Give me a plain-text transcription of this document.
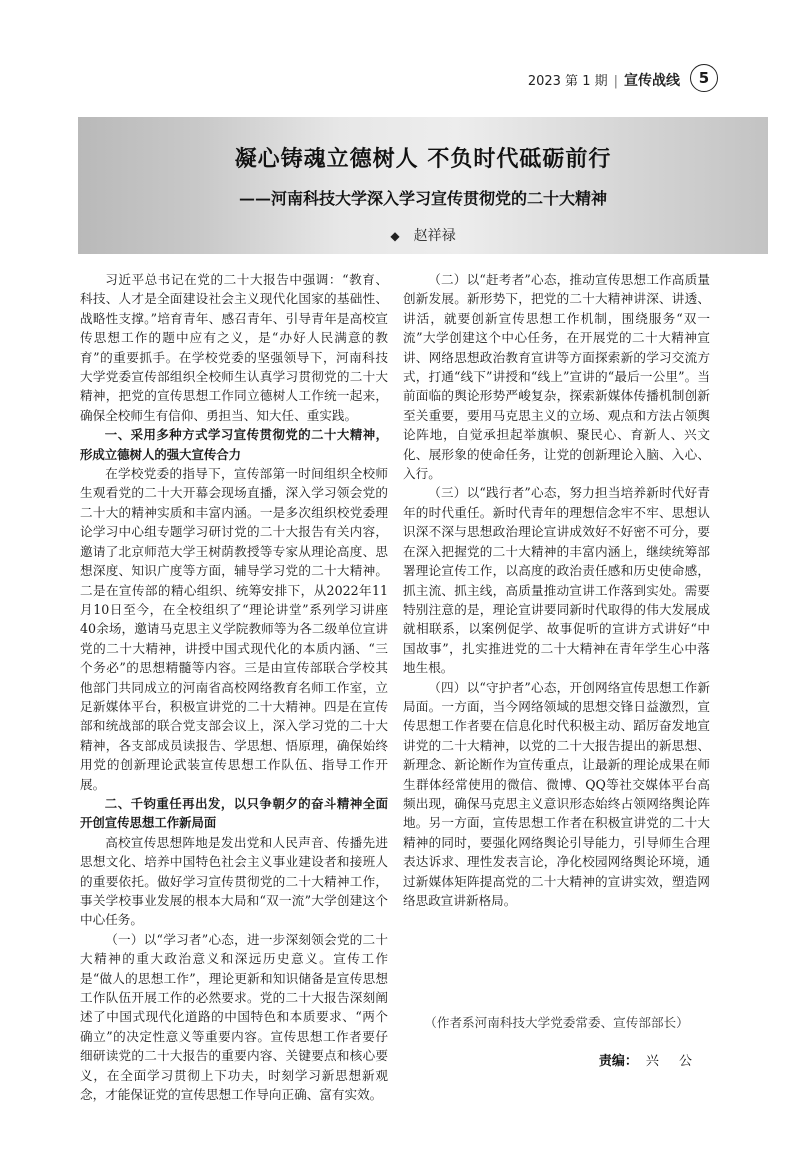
2023 第 1 期 | 宣传战线	5
凝心铸魂立德树人 不负时代砥砺前行
——河南科技大学深入学习宣传贯彻党的二十大精神
◆ 赵祥禄

习近平总书记在党的二十大报告中强调：“教育、科技、人才是全面建设社会主义现代化国家的基础性、战略性支撑。”培育青年、感召青年、引导青年是高校宣传思想工作的题中应有之义，是“办好人民满意的教育”的重要抓手。在学校党委的坚强领导下，河南科技大学党委宣传部组织全校师生认真学习贯彻党的二十大精神，把党的宣传思想工作同立德树人工作统一起来，确保全校师生有信仰、勇担当、知大任、重实践。

一、采用多种方式学习宣传贯彻党的二十大精神，形成立德树人的强大宣传合力

在学校党委的指导下，宣传部第一时间组织全校师生观看党的二十大开幕会现场直播，深入学习领会党的二十大的精神实质和丰富内涵。一是多次组织校党委理论学习中心组专题学习研讨党的二十大报告有关内容，邀请了北京师范大学王树荫教授等专家从理论高度、思想深度、知识广度等方面，辅导学习党的二十大精神。二是在宣传部的精心组织、统筹安排下，从2022年11月10日至今，在全校组织了“理论讲堂”系列学习讲座40余场，邀请马克思主义学院教师等为各二级单位宣讲党的二十大精神，讲授中国式现代化的本质内涵、“三个务必”的思想精髓等内容。三是由宣传部联合学校其他部门共同成立的河南省高校网络教育名师工作室，立足新媒体平台，积极宣讲党的二十大精神。四是在宣传部和统战部的联合党支部会议上，深入学习党的二十大精神，各支部成员读报告、学思想、悟原理，确保始终用党的创新理论武装宣传思想工作队伍、指导工作开展。

二、千钧重任再出发，以只争朝夕的奋斗精神全面开创宣传思想工作新局面

高校宣传思想阵地是发出党和人民声音、传播先进思想文化、培养中国特色社会主义事业建设者和接班人的重要依托。做好学习宣传贯彻党的二十大精神工作，事关学校事业发展的根本大局和“双一流”大学创建这个中心任务。

（一）以“学习者”心态，进一步深刻领会党的二十大精神的重大政治意义和深远历史意义。宣传工作是“做人的思想工作”，理论更新和知识储备是宣传思想工作队伍开展工作的必然要求。党的二十大报告深刻阐述了中国式现代化道路的中国特色和本质要求、“两个确立”的决定性意义等重要内容。宣传思想工作者要仔细研读党的二十大报告的重要内容、关键要点和核心要义，在全面学习贯彻上下功夫，时刻学习新思想新观念，才能保证党的宣传思想工作导向正确、富有实效。

（二）以“赶考者”心态，推动宣传思想工作高质量创新发展。新形势下，把党的二十大精神讲深、讲透、讲活，就要创新宣传思想工作机制，围绕服务“双一流”大学创建这个中心任务，在开展党的二十大精神宣讲、网络思想政治教育宣讲等方面探索新的学习交流方式，打通“线下”讲授和“线上”宣讲的“最后一公里”。当前面临的舆论形势严峻复杂，探索新媒体传播机制创新至关重要，要用马克思主义的立场、观点和方法占领舆论阵地，自觉承担起举旗帜、聚民心、育新人、兴文化、展形象的使命任务，让党的创新理论入脑、入心、入行。

（三）以“践行者”心态，努力担当培养新时代好青年的时代重任。新时代青年的理想信念牢不牢、思想认识深不深与思想政治理论宣讲成效好不好密不可分，要在深入把握党的二十大精神的丰富内涵上，继续统筹部署理论宣传工作，以高度的政治责任感和历史使命感，抓主流、抓主线，高质量推动宣讲工作落到实处。需要特别注意的是，理论宣讲要同新时代取得的伟大发展成就相联系，以案例促学、故事促听的宣讲方式讲好“中国故事”，扎实推进党的二十大精神在青年学生心中落地生根。

（四）以“守护者”心态，开创网络宣传思想工作新局面。一方面，当今网络领域的思想交锋日益激烈，宣传思想工作者要在信息化时代积极主动、蹈厉奋发地宣讲党的二十大精神，以党的二十大报告提出的新思想、新理念、新论断作为宣传重点，让最新的理论成果在师生群体经常使用的微信、微博、QQ等社交媒体平台高频出现，确保马克思主义意识形态始终占领网络舆论阵地。另一方面，宣传思想工作者在积极宣讲党的二十大精神的同时，要强化网络舆论引导能力，引导师生合理表达诉求、理性发表言论，净化校园网络舆论环境，通过新媒体矩阵提高党的二十大精神的宣讲实效，塑造网络思政宣讲新格局。

（作者系河南科技大学党委常委、宣传部部长）
责编： 兴 公
